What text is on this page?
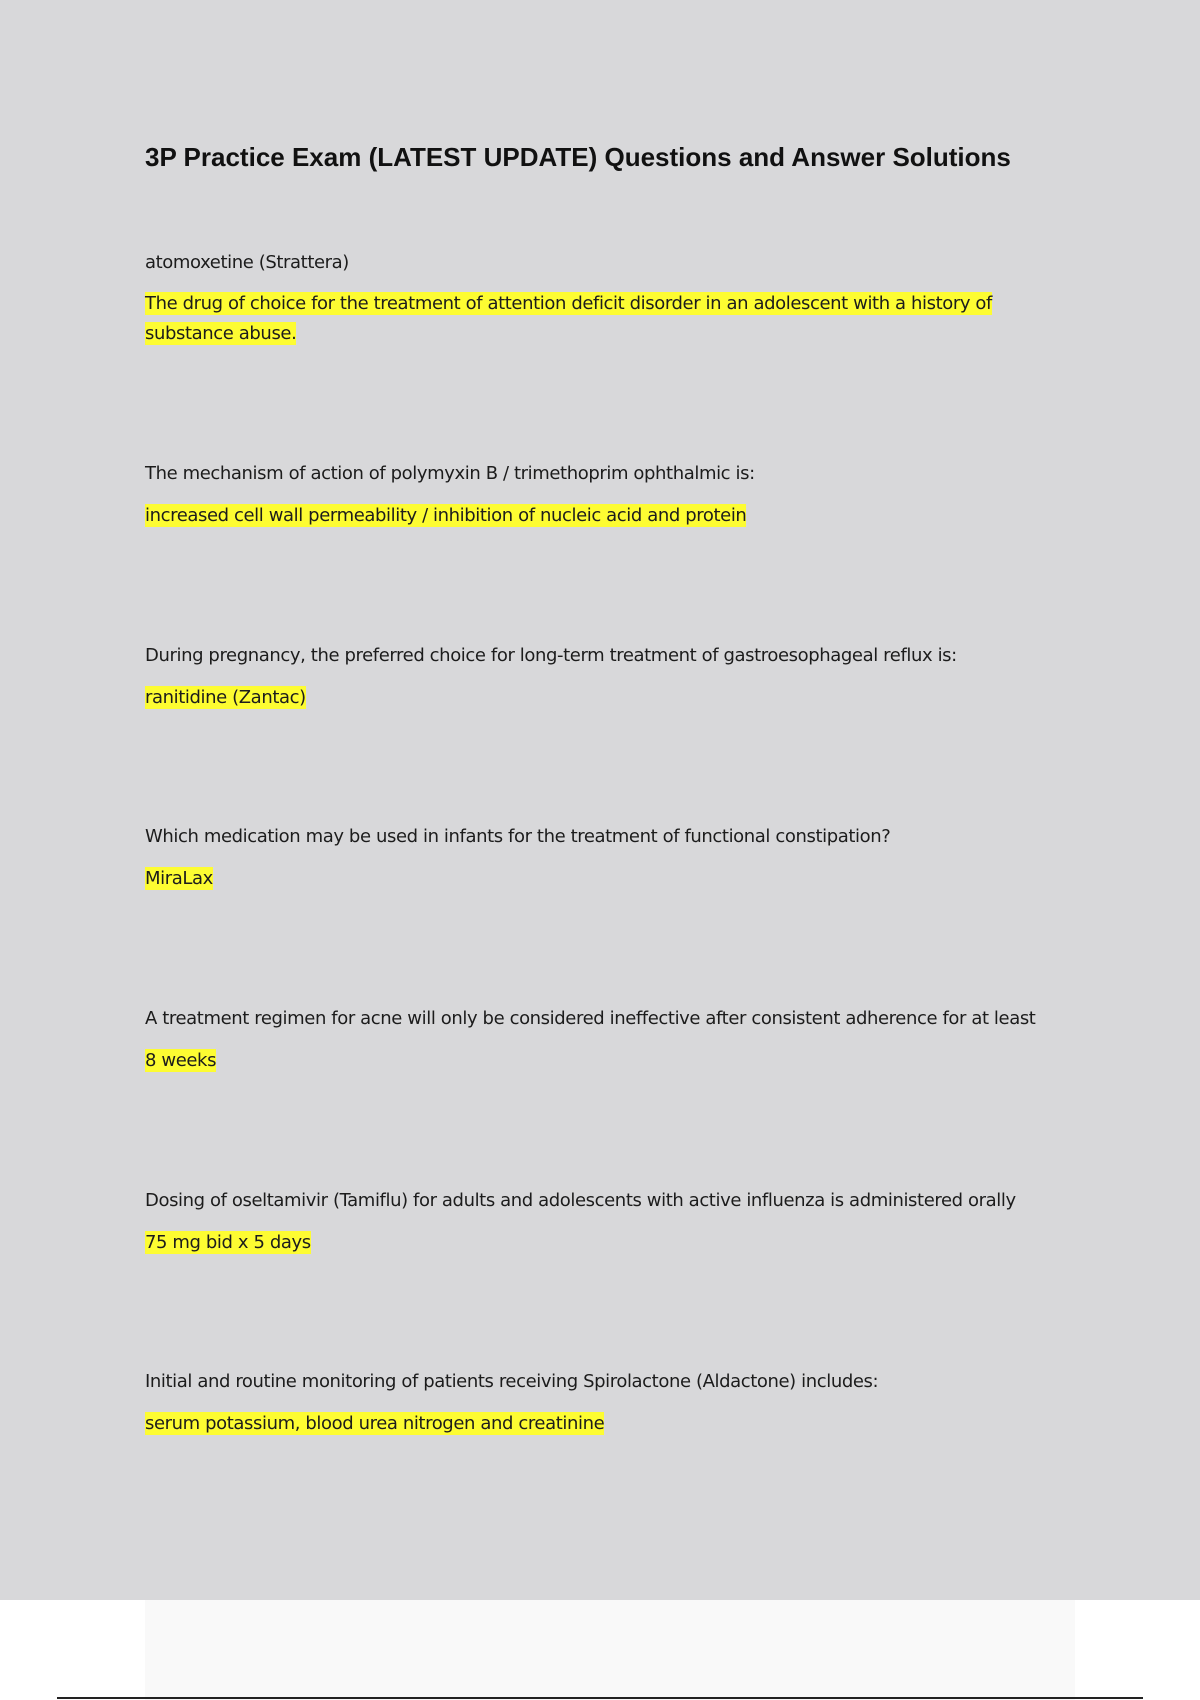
3P Practice Exam (LATEST UPDATE) Questions and Answer Solutions

atomoxetine (Strattera)

The drug of choice for the treatment of attention deficit disorder in an adolescent with a history of substance abuse.

The mechanism of action of polymyxin B / trimethoprim ophthalmic is:

increased cell wall permeability / inhibition of nucleic acid and protein

During pregnancy, the preferred choice for long-term treatment of gastroesophageal reflux is:

ranitidine (Zantac)

Which medication may be used in infants for the treatment of functional constipation?

MiraLax

A treatment regimen for acne will only be considered ineffective after consistent adherence for at least

8 weeks

Dosing of oseltamivir (Tamiflu) for adults and adolescents with active influenza is administered orally

75 mg bid x 5 days

Initial and routine monitoring of patients receiving Spirolactone (Aldactone) includes:

serum potassium, blood urea nitrogen and creatinine
